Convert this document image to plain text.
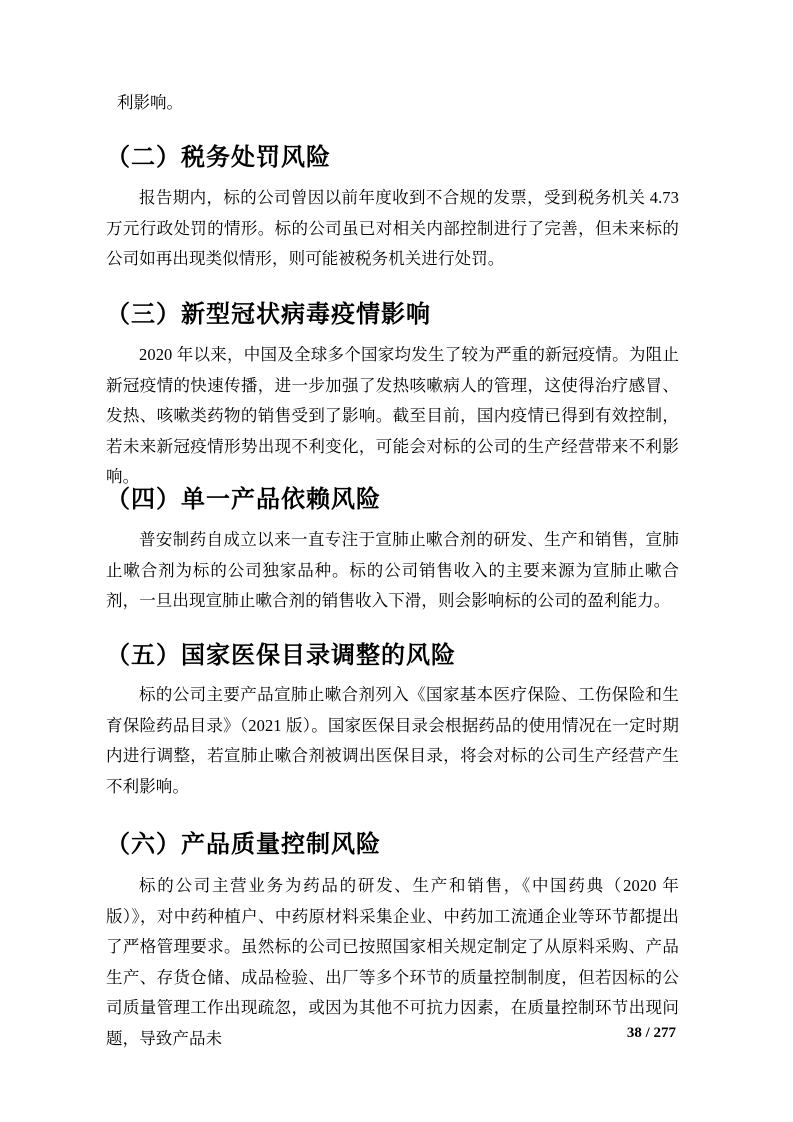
利影响。
（二）税务处罚风险
报告期内，标的公司曾因以前年度收到不合规的发票，受到税务机关 4.73 万元行政处罚的情形。标的公司虽已对相关内部控制进行了完善，但未来标的公司如再出现类似情形，则可能被税务机关进行处罚。
（三）新型冠状病毒疫情影响
2020 年以来，中国及全球多个国家均发生了较为严重的新冠疫情。为阻止新冠疫情的快速传播，进一步加强了发热咳嗽病人的管理，这使得治疗感冒、发热、咳嗽类药物的销售受到了影响。截至目前，国内疫情已得到有效控制，若未来新冠疫情形势出现不利变化，可能会对标的公司的生产经营带来不利影响。
（四）单一产品依赖风险
普安制药自成立以来一直专注于宣肺止嗽合剂的研发、生产和销售，宣肺止嗽合剂为标的公司独家品种。标的公司销售收入的主要来源为宣肺止嗽合剂，一旦出现宣肺止嗽合剂的销售收入下滑，则会影响标的公司的盈利能力。
（五）国家医保目录调整的风险
标的公司主要产品宣肺止嗽合剂列入《国家基本医疗保险、工伤保险和生育保险药品目录》（2021 版）。国家医保目录会根据药品的使用情况在一定时期内进行调整，若宣肺止嗽合剂被调出医保目录，将会对标的公司生产经营产生不利影响。
（六）产品质量控制风险
标的公司主营业务为药品的研发、生产和销售，《中国药典（2020 年版）》，对中药种植户、中药原材料采集企业、中药加工流通企业等环节都提出了严格管理要求。虽然标的公司已按照国家相关规定制定了从原料采购、产品生产、存货仓储、成品检验、出厂等多个环节的质量控制制度，但若因标的公司质量管理工作出现疏忽，或因为其他不可抗力因素，在质量控制环节出现问题，导致产品未	38 / 277
